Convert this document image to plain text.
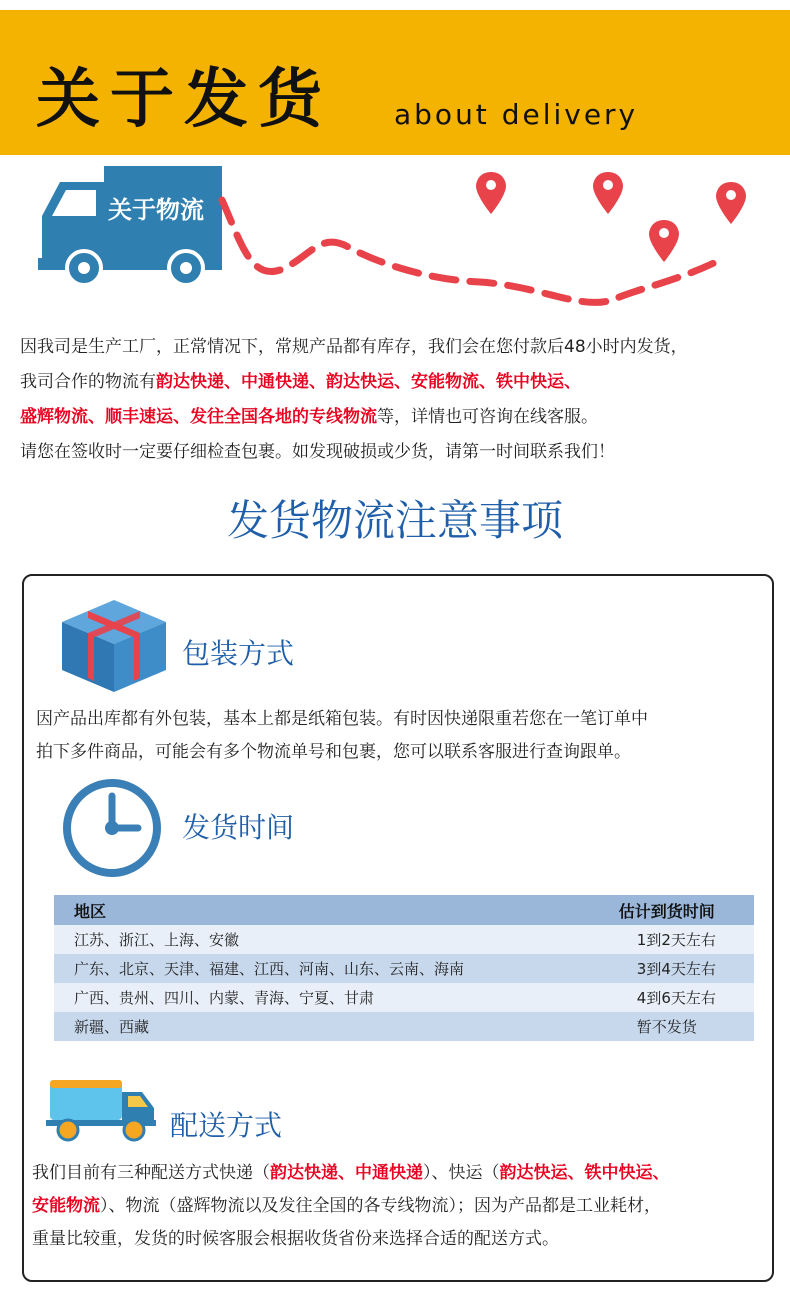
关于发货 about delivery
关于物流
因我司是生产工厂，正常情况下，常规产品都有库存，我们会在您付款后48小时内发货，
我司合作的物流有韵达快递、中通快递、韵达快运、安能物流、铁中快运、
盛辉物流、顺丰速运、发往全国各地的专线物流等，详情也可咨询在线客服。
请您在签收时一定要仔细检查包裹。如发现破损或少货，请第一时间联系我们！
发货物流注意事项
包装方式
因产品出库都有外包装，基本上都是纸箱包装。有时因快递限重若您在一笔订单中
拍下多件商品，可能会有多个物流单号和包裹，您可以联系客服进行查询跟单。
发货时间
地区	估计到货时间
江苏、浙江、上海、安徽	1到2天左右
广东、北京、天津、福建、江西、河南、山东、云南、海南	3到4天左右
广西、贵州、四川、内蒙、青海、宁夏、甘肃	4到6天左右
新疆、西藏	暂不发货
配送方式
我们目前有三种配送方式快递（韵达快递、中通快递）、快运（韵达快运、铁中快运、
安能物流）、物流（盛辉物流以及发往全国的各专线物流）；因为产品都是工业耗材，
重量比较重，发货的时候客服会根据收货省份来选择合适的配送方式。
